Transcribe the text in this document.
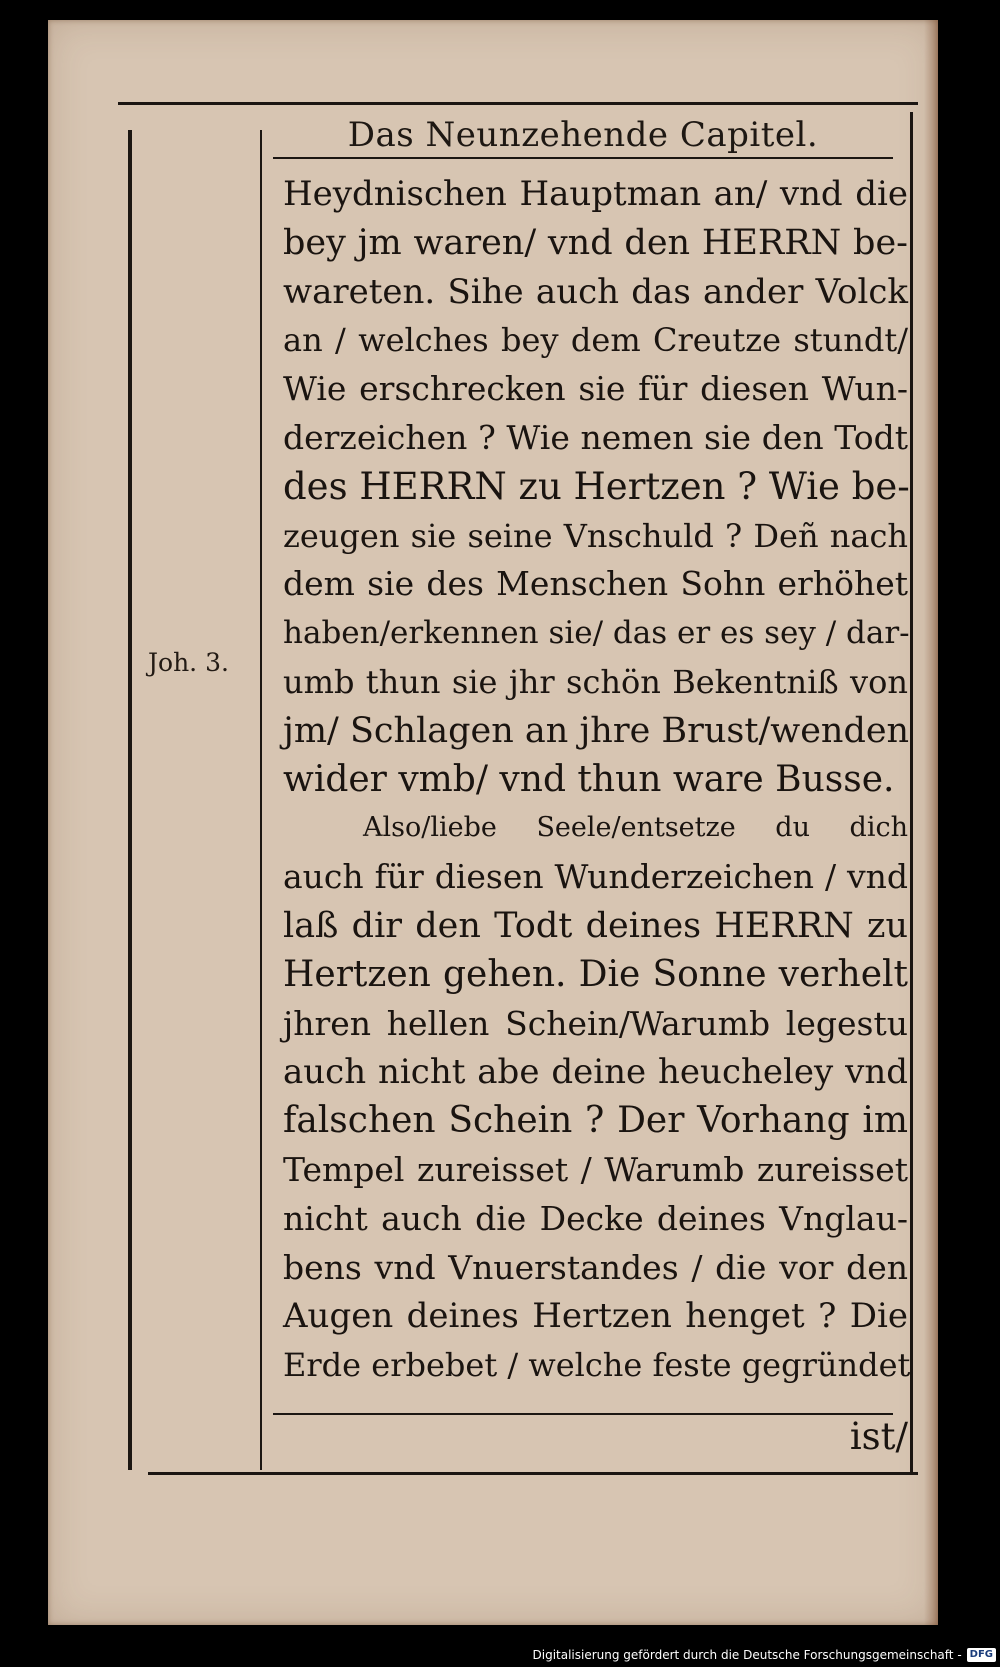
Das Neunzehende Capitel.
Joh. 3.
Heydnischen Hauptman an/ vnd die
bey jm waren/ vnd den HERRN be-
wareten. Sihe auch das ander Volck
an / welches bey dem Creutze stundt/
Wie erschrecken sie für diesen Wun-
derzeichen ? Wie nemen sie den Todt
des HERRN zu Hertzen ? Wie be-
zeugen sie seine Vnschuld ? Deñ nach
dem sie des Menschen Sohn erhöhet
haben/erkennen sie/ das er es sey / dar-
umb thun sie jhr schön Bekentniß von
jm/ Schlagen an jhre Brust/wenden
wider vmb/ vnd thun ware Busse.
Also/liebe Seele/entsetze du dich
auch für diesen Wunderzeichen / vnd
laß dir den Todt deines HERRN zu
Hertzen gehen. Die Sonne verhelt
jhren hellen Schein/Warumb legestu
auch nicht abe deine heucheley vnd
falschen Schein ? Der Vorhang im
Tempel zureisset / Warumb zureisset
nicht auch die Decke deines Vnglau-
bens vnd Vnuerstandes / die vor den
Augen deines Hertzen henget ? Die
Erde erbebet / welche feste gegründet
ist/
Digitalisierung gefördert durch die Deutsche Forschungsgemeinschaft - DFG
